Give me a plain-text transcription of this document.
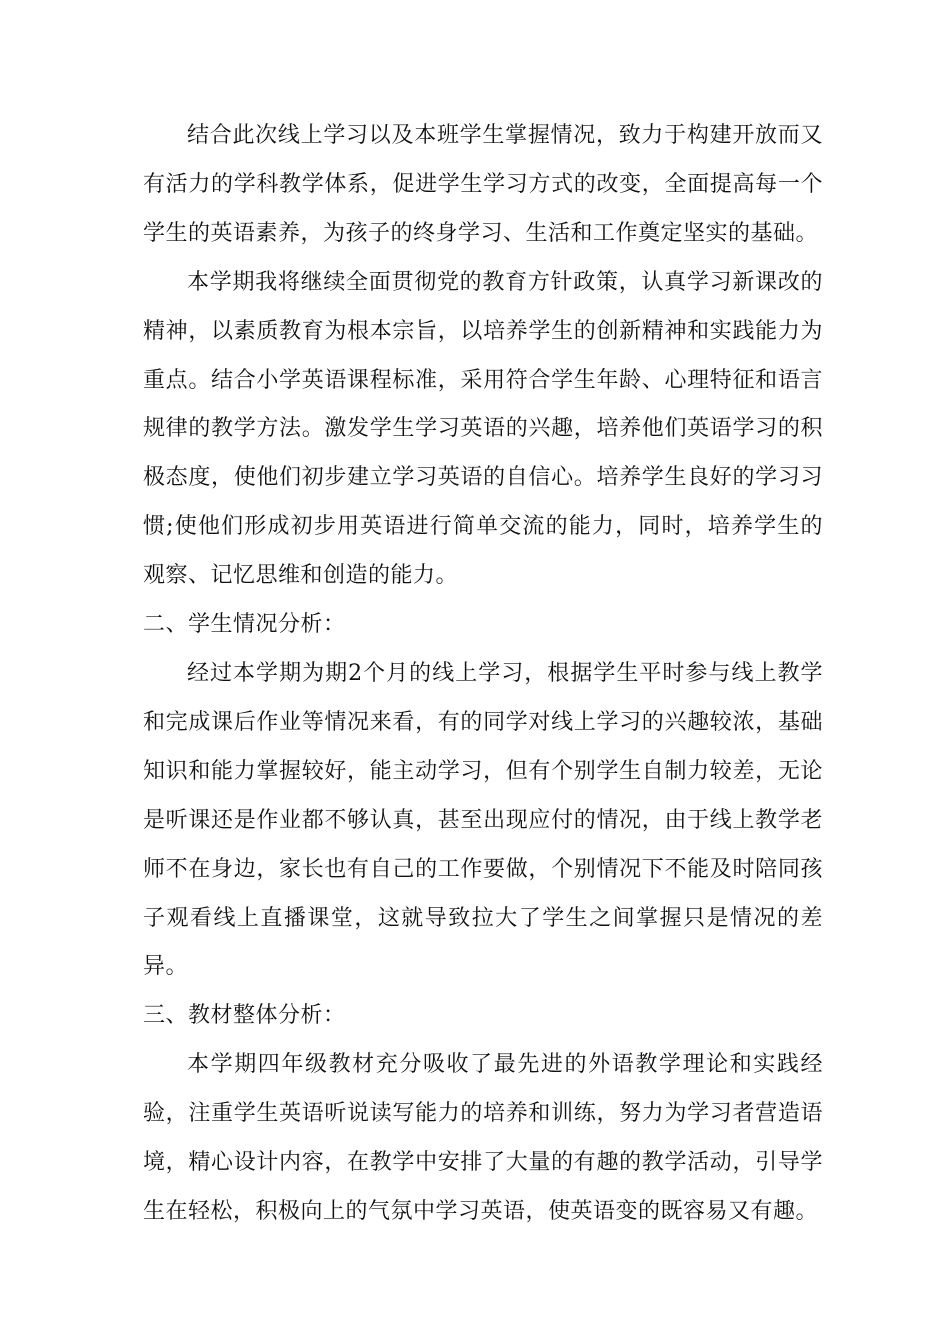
结合此次线上学习以及本班学生掌握情况，致力于构建开放而又有活力的学科教学体系，促进学生学习方式的改变，全面提高每一个学生的英语素养，为孩子的终身学习、生活和工作奠定坚实的基础。

本学期我将继续全面贯彻党的教育方针政策，认真学习新课改的精神，以素质教育为根本宗旨，以培养学生的创新精神和实践能力为重点。结合小学英语课程标准，采用符合学生年龄、心理特征和语言规律的教学方法。激发学生学习英语的兴趣，培养他们英语学习的积极态度，使他们初步建立学习英语的自信心。培养学生良好的学习习惯;使他们形成初步用英语进行简单交流的能力，同时，培养学生的观察、记忆思维和创造的能力。

二、学生情况分析：

经过本学期为期2个月的线上学习，根据学生平时参与线上教学和完成课后作业等情况来看，有的同学对线上学习的兴趣较浓，基础知识和能力掌握较好，能主动学习，但有个别学生自制力较差，无论是听课还是作业都不够认真，甚至出现应付的情况，由于线上教学老师不在身边，家长也有自己的工作要做，个别情况下不能及时陪同孩子观看线上直播课堂，这就导致拉大了学生之间掌握只是情况的差异。

三、教材整体分析：

本学期四年级教材充分吸收了最先进的外语教学理论和实践经验，注重学生英语听说读写能力的培养和训练，努力为学习者营造语境，精心设计内容，在教学中安排了大量的有趣的教学活动，引导学生在轻松，积极向上的气氛中学习英语，使英语变的既容易又有趣。
